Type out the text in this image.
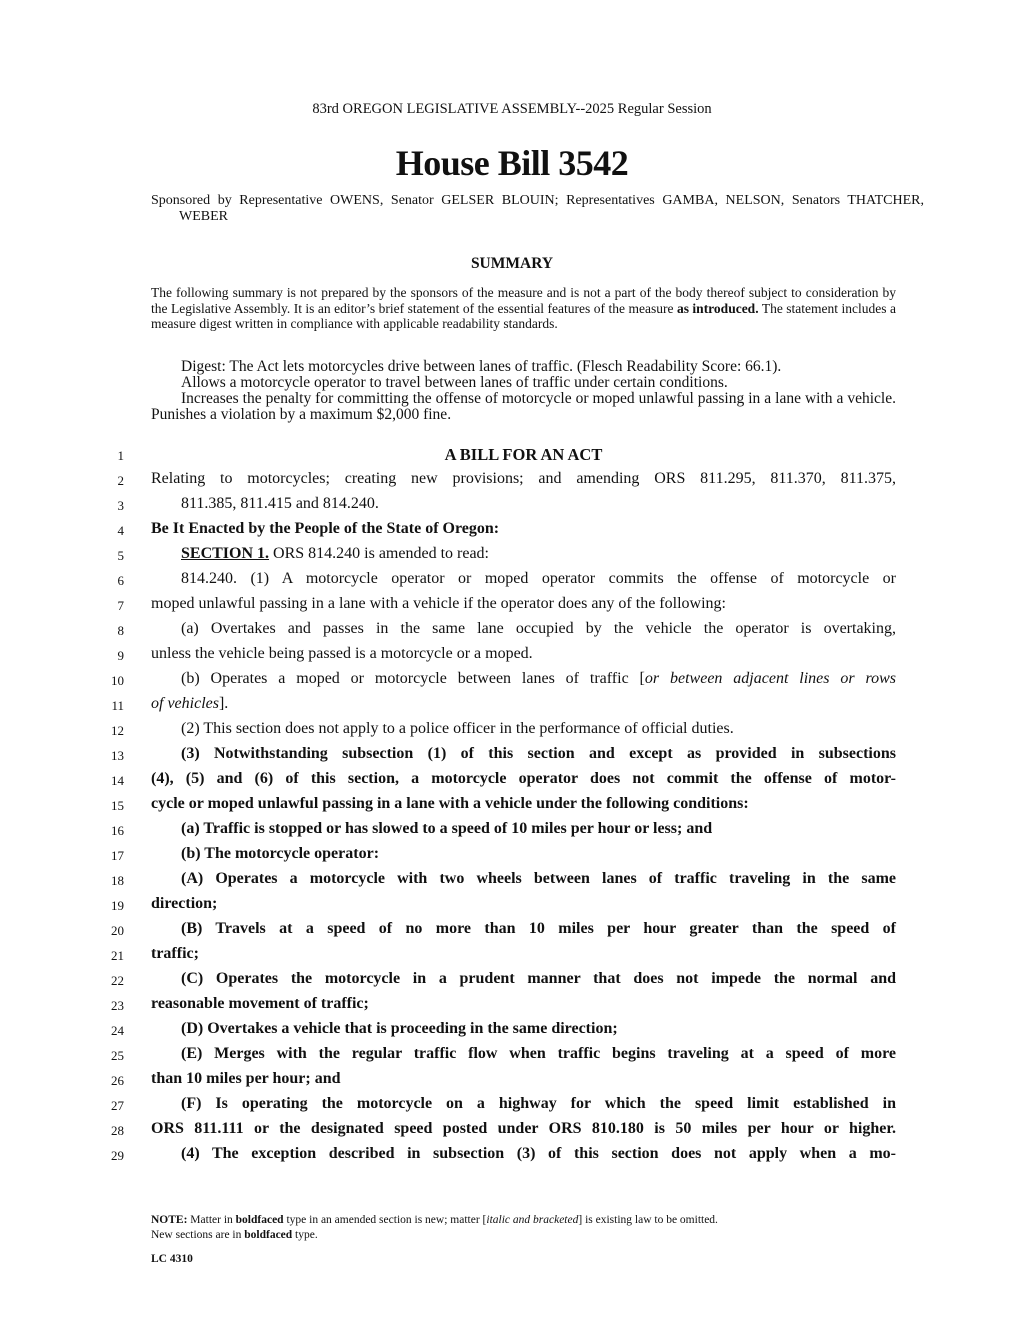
83rd OREGON LEGISLATIVE ASSEMBLY--2025 Regular Session
House Bill 3542
Sponsored by Representative OWENS, Senator GELSER BLOUIN; Representatives GAMBA, NELSON, Senators THATCHER, WEBER
SUMMARY
The following summary is not prepared by the sponsors of the measure and is not a part of the body thereof subject to consideration by the Legislative Assembly. It is an editor’s brief statement of the essential features of the measure as introduced. The statement includes a measure digest written in compliance with applicable readability standards.

Digest: The Act lets motorcycles drive between lanes of traffic. (Flesch Readability Score: 66.1).

Allows a motorcycle operator to travel between lanes of traffic under certain conditions.

Increases the penalty for committing the offense of motorcycle or moped unlawful passing in a lane with a vehicle. Punishes a violation by a maximum $2,000 fine.

1	A BILL FOR AN ACT
2 Relating to motorcycles; creating new provisions; and amending ORS 811.295, 811.370, 811.375,
3	811.385, 811.415 and 814.240.
4 Be It Enacted by the People of the State of Oregon:
5	SECTION 1. ORS 814.240 is amended to read:
6	814.240. (1) A motorcycle operator or moped operator commits the offense of motorcycle or
7 moped unlawful passing in a lane with a vehicle if the operator does any of the following:
8	(a) Overtakes and passes in the same lane occupied by the vehicle the operator is overtaking,
9 unless the vehicle being passed is a motorcycle or a moped.
10	(b) Operates a moped or motorcycle between lanes of traffic [or between adjacent lines or rows
11 of vehicles].
12	(2) This section does not apply to a police officer in the performance of official duties.
13	(3) Notwithstanding subsection (1) of this section and except as provided in subsections
14 (4), (5) and (6) of this section, a motorcycle operator does not commit the offense of motor-
15 cycle or moped unlawful passing in a lane with a vehicle under the following conditions:
16	(a) Traffic is stopped or has slowed to a speed of 10 miles per hour or less; and
17	(b) The motorcycle operator:
18	(A) Operates a motorcycle with two wheels between lanes of traffic traveling in the same
19 direction;
20	(B) Travels at a speed of no more than 10 miles per hour greater than the speed of
21 traffic;
22	(C) Operates the motorcycle in a prudent manner that does not impede the normal and
23 reasonable movement of traffic;
24	(D) Overtakes a vehicle that is proceeding in the same direction;
25	(E) Merges with the regular traffic flow when traffic begins traveling at a speed of more
26 than 10 miles per hour; and
27	(F) Is operating the motorcycle on a highway for which the speed limit established in
28 ORS 811.111 or the designated speed posted under ORS 810.180 is 50 miles per hour or higher.
29	(4) The exception described in subsection (3) of this section does not apply when a mo-
NOTE: Matter in boldfaced type in an amended section is new; matter [italic and bracketed] is existing law to be omitted.
New sections are in boldfaced type.
LC 4310
